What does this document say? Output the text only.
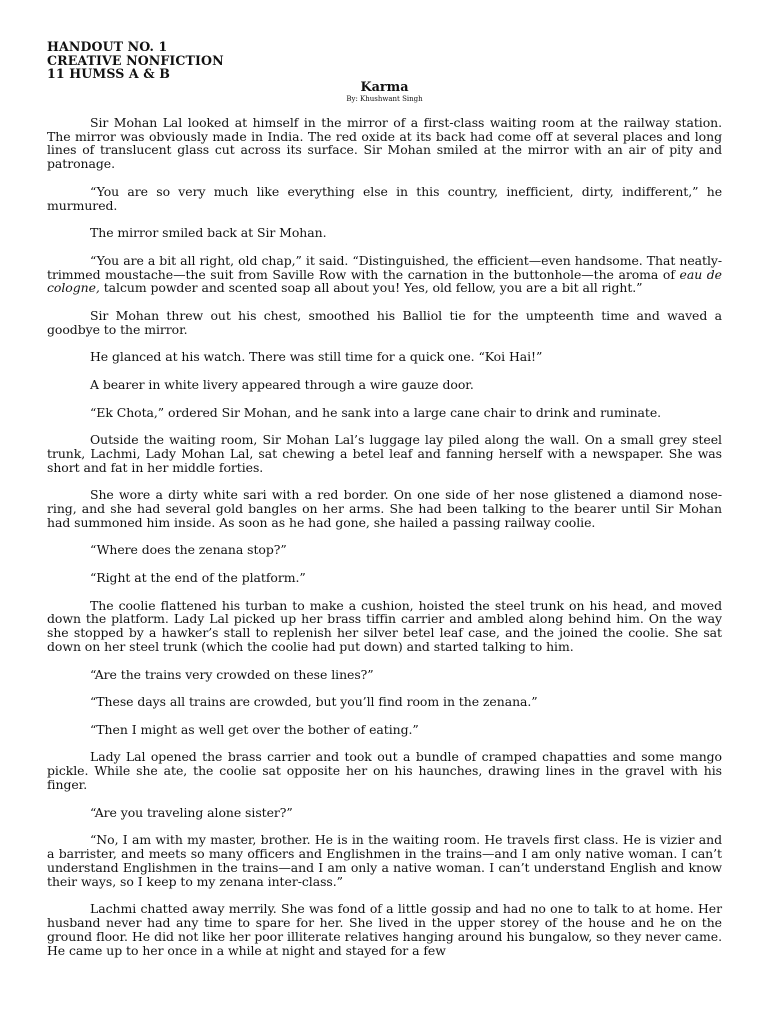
HANDOUT NO. 1
CREATIVE NONFICTION
11 HUMSS A & B
Karma
By: Khushwant Singh

Sir Mohan Lal looked at himself in the mirror of a first-class waiting room at the railway station. The mirror was obviously made in India. The red oxide at its back had come off at several places and long lines of translucent glass cut across its surface. Sir Mohan smiled at the mirror with an air of pity and patronage.

“You are so very much like everything else in this country, inefficient, dirty, indifferent,” he murmured.

The mirror smiled back at Sir Mohan.

“You are a bit all right, old chap,” it said. “Distinguished, the efficient—even handsome. That neatly-trimmed moustache—the suit from Saville Row with the carnation in the buttonhole—the aroma of eau de cologne, talcum powder and scented soap all about you! Yes, old fellow, you are a bit all right.”

Sir Mohan threw out his chest, smoothed his Balliol tie for the umpteenth time and waved a goodbye to the mirror.

He glanced at his watch. There was still time for a quick one. “Koi Hai!”

A bearer in white livery appeared through a wire gauze door.

“Ek Chota,” ordered Sir Mohan, and he sank into a large cane chair to drink and ruminate.

Outside the waiting room, Sir Mohan Lal’s luggage lay piled along the wall. On a small grey steel trunk, Lachmi, Lady Mohan Lal, sat chewing a betel leaf and fanning herself with a newspaper. She was short and fat in her middle forties.

She wore a dirty white sari with a red border. On one side of her nose glistened a diamond nose-ring, and she had several gold bangles on her arms. She had been talking to the bearer until Sir Mohan had summoned him inside. As soon as he had gone, she hailed a passing railway coolie.

“Where does the zenana stop?”

“Right at the end of the platform.”

The coolie flattened his turban to make a cushion, hoisted the steel trunk on his head, and moved down the platform. Lady Lal picked up her brass tiffin carrier and ambled along behind him. On the way she stopped by a hawker’s stall to replenish her silver betel leaf case, and the joined the coolie. She sat down on her steel trunk (which the coolie had put down) and started talking to him.

“Are the trains very crowded on these lines?”

“These days all trains are crowded, but you’ll find room in the zenana.”

“Then I might as well get over the bother of eating.”

Lady Lal opened the brass carrier and took out a bundle of cramped chapatties and some mango pickle. While she ate, the coolie sat opposite her on his haunches, drawing lines in the gravel with his finger.

“Are you traveling alone sister?”

“No, I am with my master, brother. He is in the waiting room. He travels first class. He is vizier and a barrister, and meets so many officers and Englishmen in the trains—and I am only native woman. I can’t understand Englishmen in the trains—and I am only a native woman. I can’t understand English and know their ways, so I keep to my zenana inter-class.”

Lachmi chatted away merrily. She was fond of a little gossip and had no one to talk to at home. Her husband never had any time to spare for her. She lived in the upper storey of the house and he on the ground floor. He did not like her poor illiterate relatives hanging around his bungalow, so they never came. He came up to her once in a while at night and stayed for a few
